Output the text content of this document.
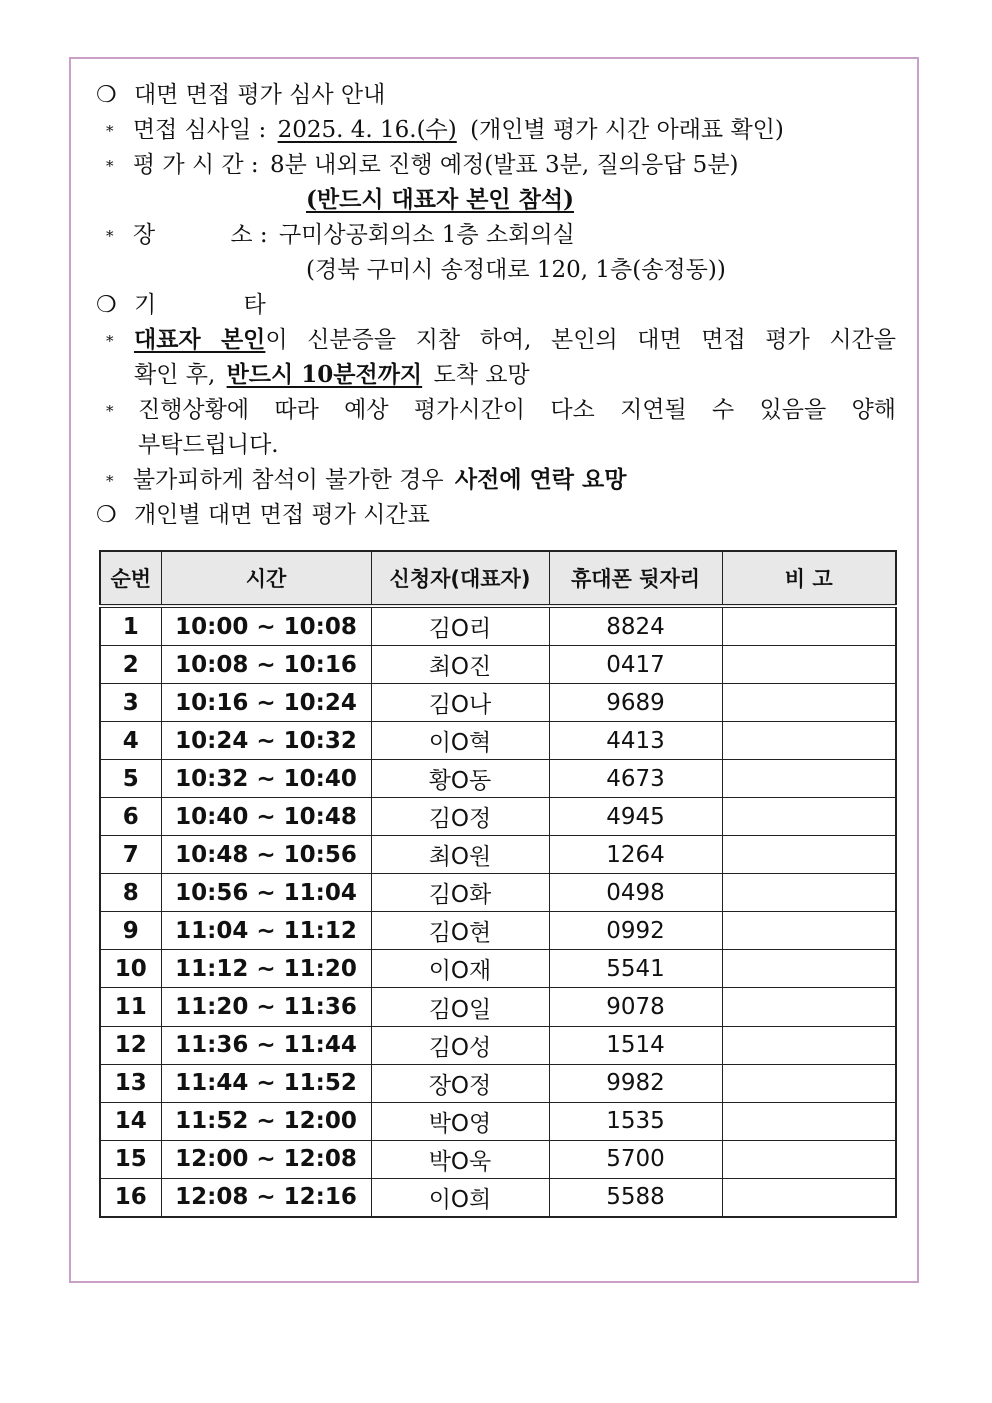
❍ 대면 면접 평가 심사 안내
* 면접 심사일 : 2025. 4. 16.(수) (개인별 평가 시간 아래표 확인)
* 평 가 시 간 : 8분 내외로 진행 예정(발표 3분, 질의응답 5분)
(반드시 대표자 본인 참석)
* 장	소 : 구미상공회의소 1층 소회의실
(경북 구미시 송정대로 120, 1층(송정동))
❍ 기	타
* 대표자 본인이 신분증을 지참 하여, 본인의 대면 면접 평가 시간을
확인 후, 반드시 10분전까지 도착 요망
* 진행상황에 따라 예상 평가시간이 다소 지연될 수 있음을 양해
부탁드립니다.
* 불가피하게 참석이 불가한 경우 사전에 연락 요망
❍ 개인별 대면 면접 평가 시간표
순번	시간	신청자(대표자)	휴대폰 뒷자리	비 고
1	10:00 ~ 10:08	김O리	8824	
2	10:08 ~ 10:16	최O진	0417	
3	10:16 ~ 10:24	김O나	9689	
4	10:24 ~ 10:32	이O혁	4413	
5	10:32 ~ 10:40	황O동	4673	
6	10:40 ~ 10:48	김O정	4945	
7	10:48 ~ 10:56	최O원	1264	
8	10:56 ~ 11:04	김O화	0498	
9	11:04 ~ 11:12	김O현	0992	
10	11:12 ~ 11:20	이O재	5541	
11	11:20 ~ 11:36	김O일	9078	
12	11:36 ~ 11:44	김O성	1514	
13	11:44 ~ 11:52	장O정	9982	
14	11:52 ~ 12:00	박O영	1535	
15	12:00 ~ 12:08	박O욱	5700	
16	12:08 ~ 12:16	이O희	5588	
